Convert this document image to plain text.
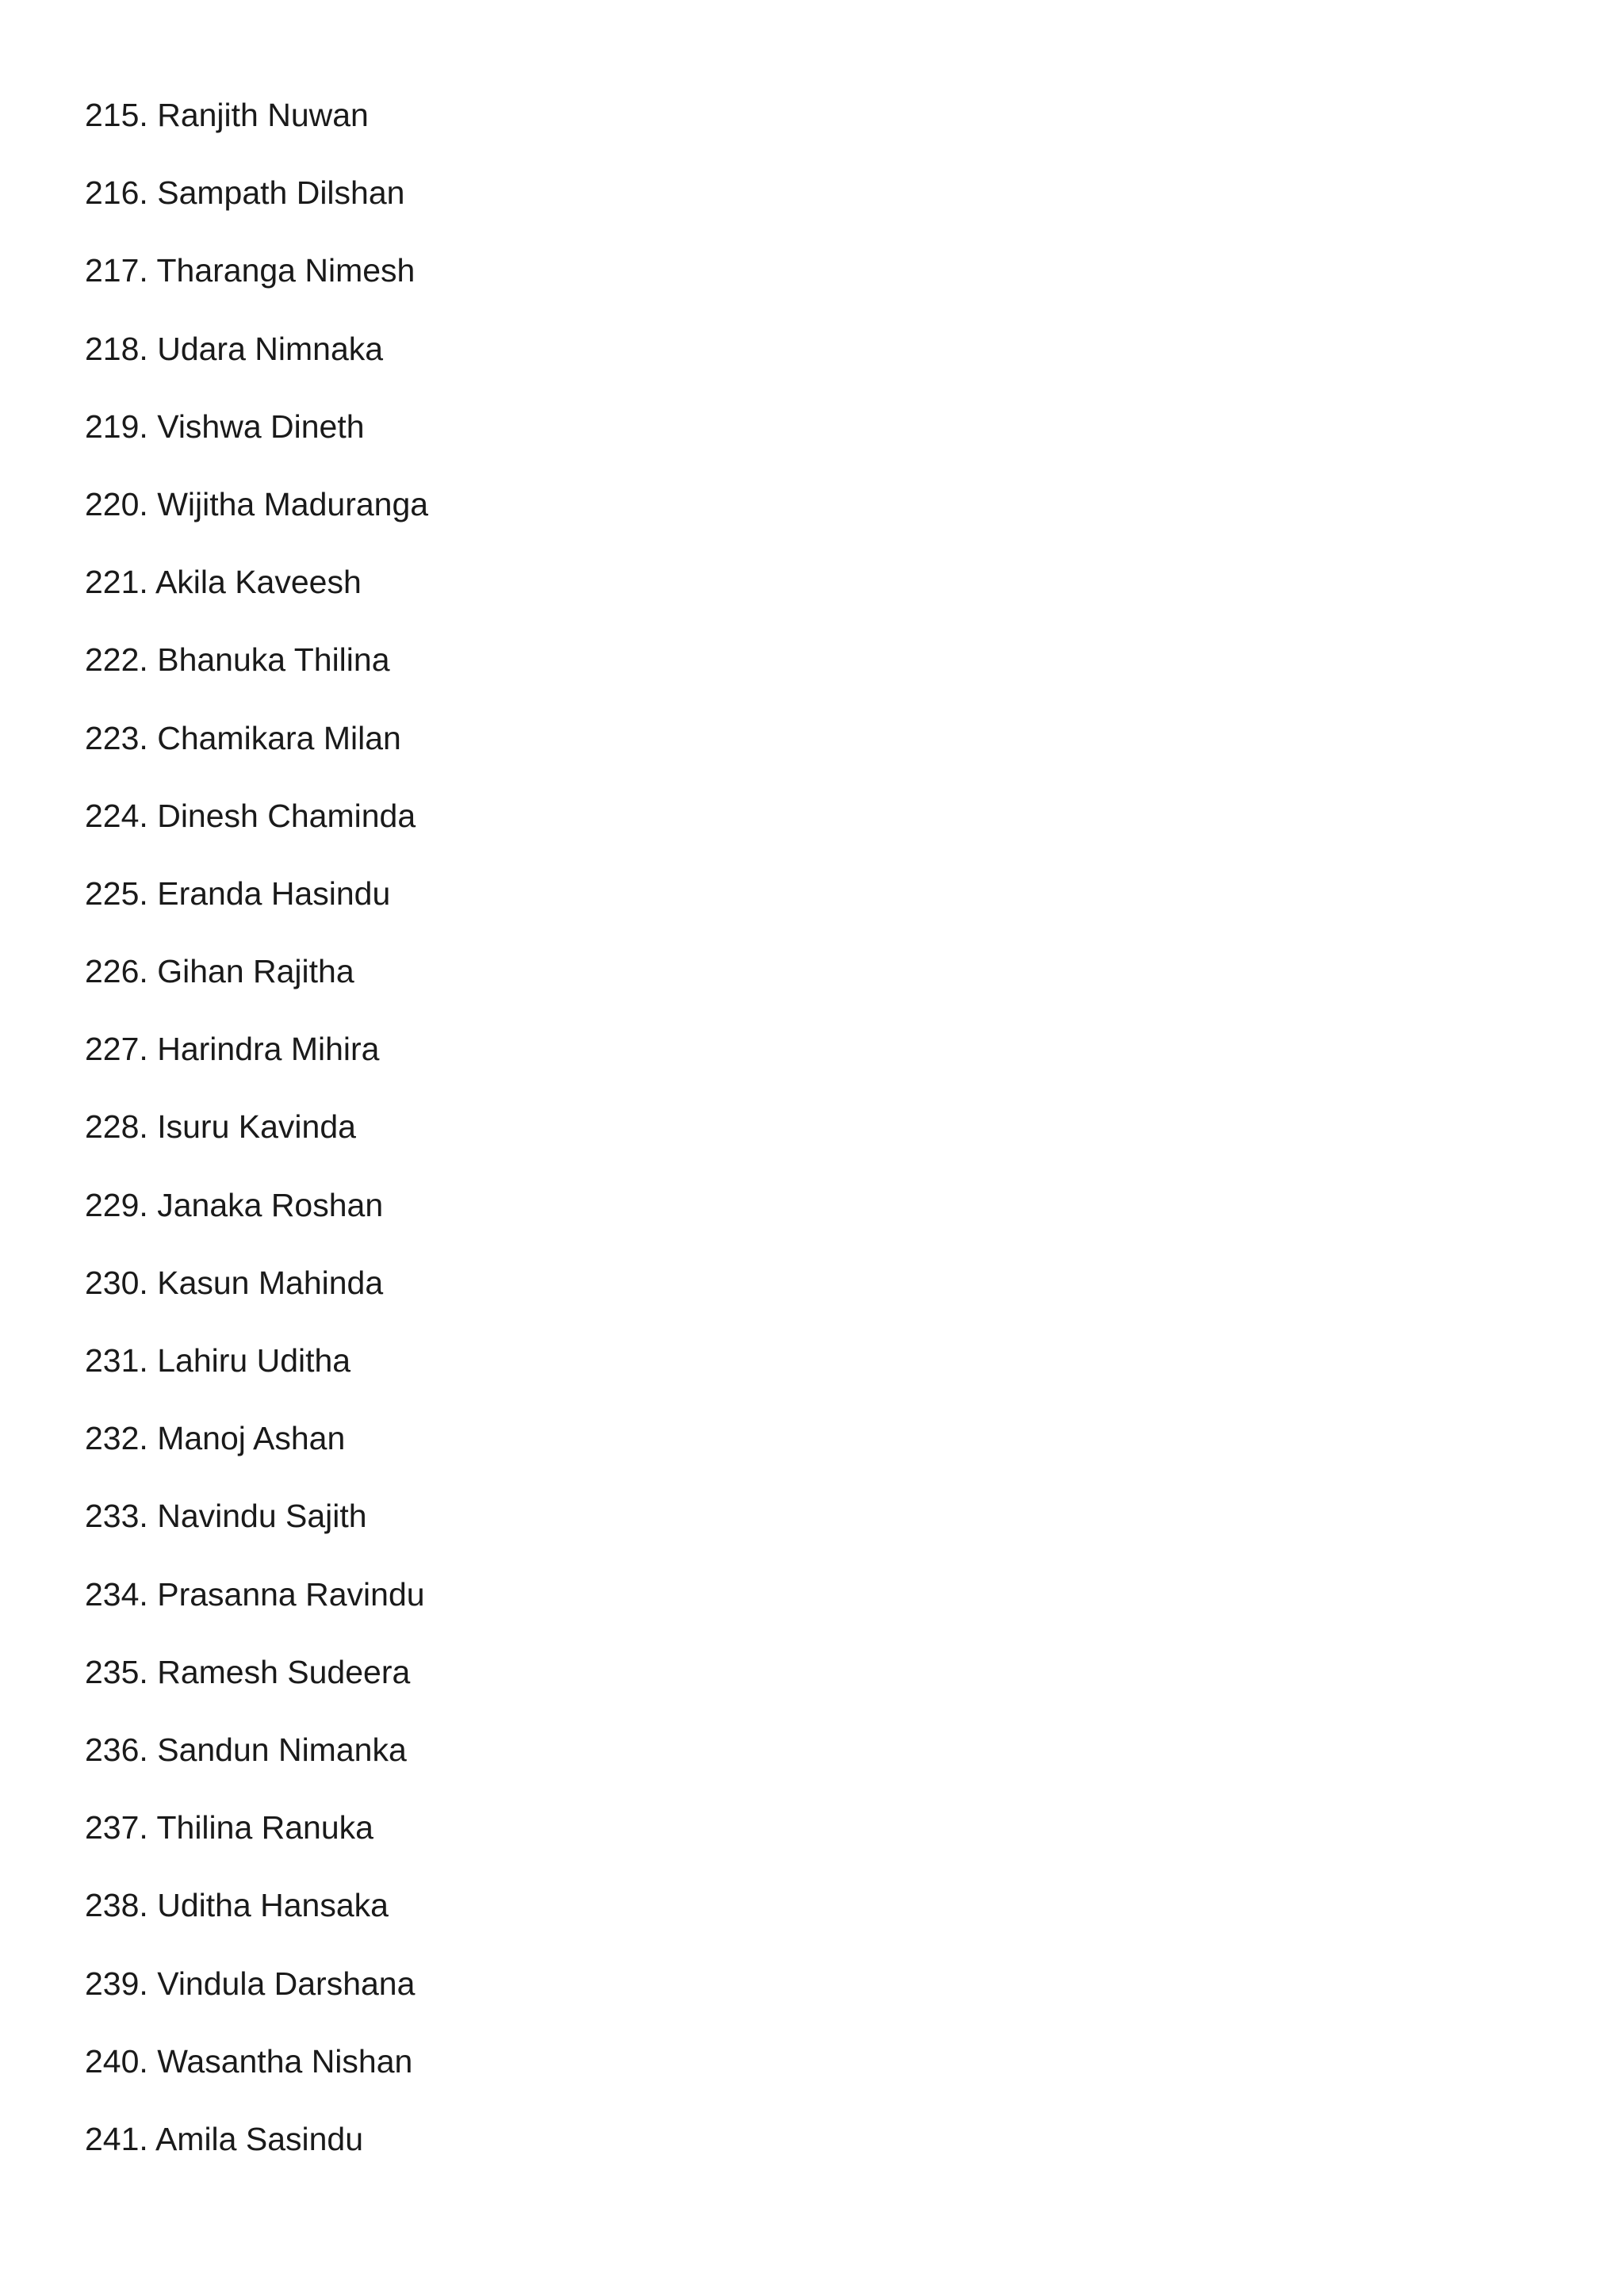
215. Ranjith Nuwan
216. Sampath Dilshan
217. Tharanga Nimesh
218. Udara Nimnaka
219. Vishwa Dineth
220. Wijitha Maduranga
221. Akila Kaveesh
222. Bhanuka Thilina
223. Chamikara Milan
224. Dinesh Chaminda
225. Eranda Hasindu
226. Gihan Rajitha
227. Harindra Mihira
228. Isuru Kavinda
229. Janaka Roshan
230. Kasun Mahinda
231. Lahiru Uditha
232. Manoj Ashan
233. Navindu Sajith
234. Prasanna Ravindu
235. Ramesh Sudeera
236. Sandun Nimanka
237. Thilina Ranuka
238. Uditha Hansaka
239. Vindula Darshana
240. Wasantha Nishan
241. Amila Sasindu
